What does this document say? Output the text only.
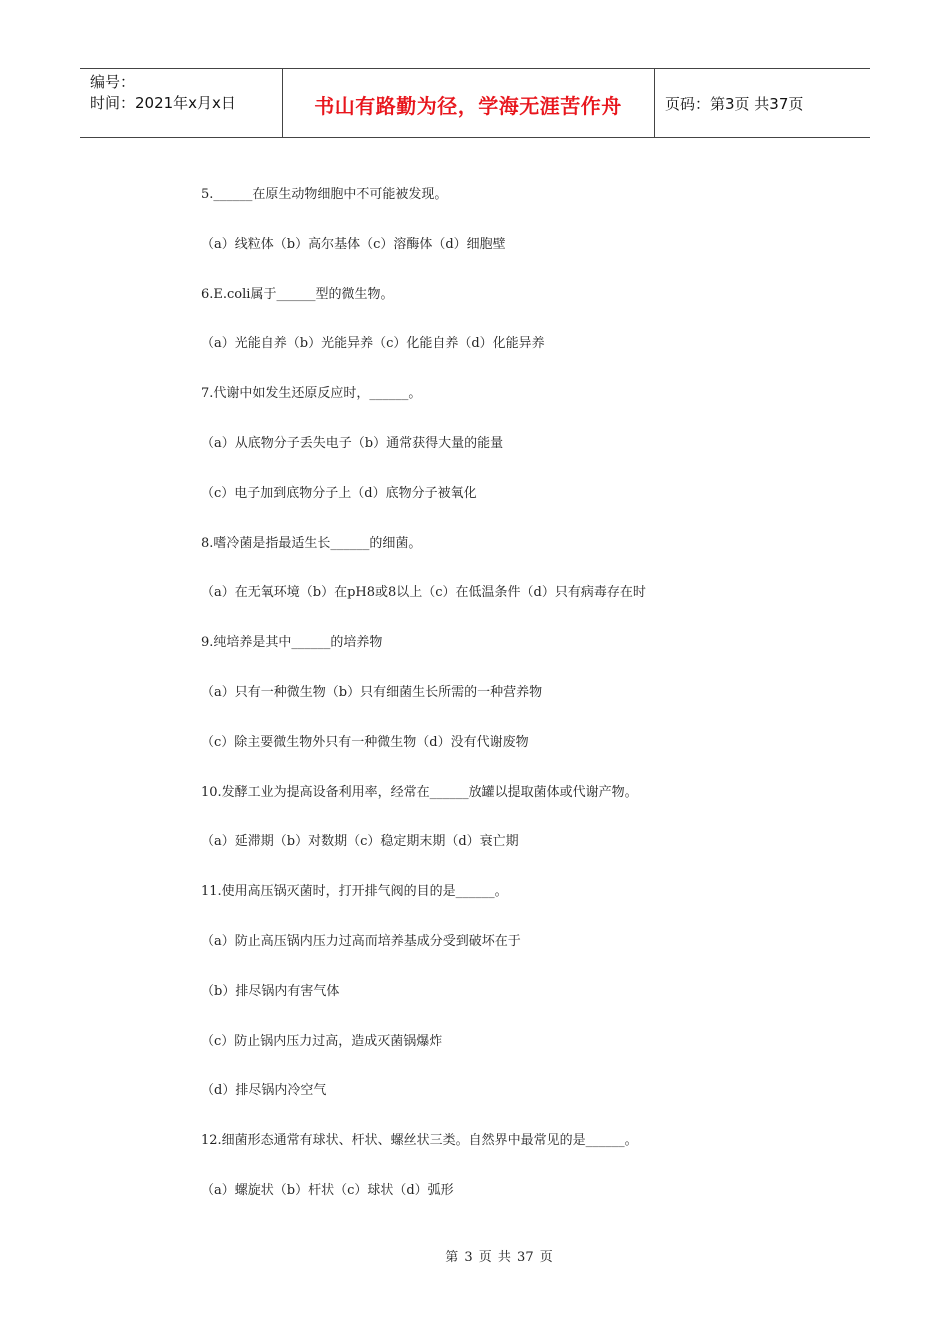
编号：
时间：2021年x月x日	书山有路勤为径，学海无涯苦作舟	页码：第3页 共37页
5.______在原生动物细胞中不可能被发现。
（a）线粒体（b）高尔基体（c）溶酶体（d）细胞壁
6.E.coli属于______型的微生物。
（a）光能自养（b）光能异养（c）化能自养（d）化能异养
7.代谢中如发生还原反应时，______。
（a）从底物分子丢失电子（b）通常获得大量的能量
（c）电子加到底物分子上（d）底物分子被氧化
8.嗜冷菌是指最适生长______的细菌。
（a）在无氧环境（b）在pH8或8以上（c）在低温条件（d）只有病毒存在时
9.纯培养是其中______的培养物
（a）只有一种微生物（b）只有细菌生长所需的一种营养物
（c）除主要微生物外只有一种微生物（d）没有代谢废物
10.发酵工业为提高设备利用率，经常在______放罐以提取菌体或代谢产物。
（a）延滞期（b）对数期（c）稳定期末期（d）衰亡期
11.使用高压锅灭菌时，打开排气阀的目的是______。
（a）防止高压锅内压力过高而培养基成分受到破坏在于
（b）排尽锅内有害气体
（c）防止锅内压力过高，造成灭菌锅爆炸
（d）排尽锅内冷空气
12.细菌形态通常有球状、杆状、螺丝状三类。自然界中最常见的是______。
（a）螺旋状（b）杆状（c）球状（d）弧形
第 3 页 共 37 页
